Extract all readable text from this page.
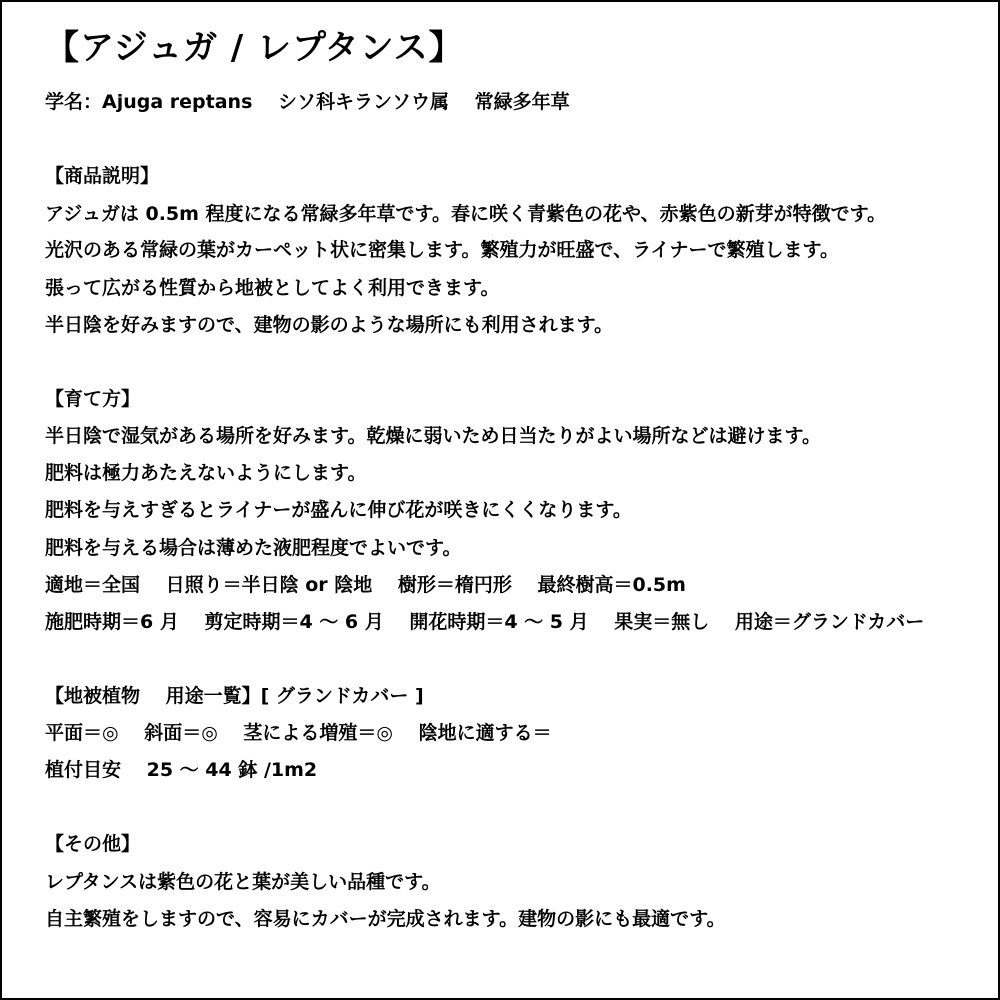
【アジュガ / レプタンス】
学名：Ajuga reptans　 シソ科キランソウ属 　常緑多年草
【商品説明】
アジュガは 0.5m 程度になる常緑多年草です。春に咲く青紫色の花や、赤紫色の新芽が特徴です。
光沢のある常緑の葉がカーペット状に密集します。繁殖力が旺盛で、ライナーで繁殖します。
張って広がる性質から地被としてよく利用できます。
半日陰を好みますので、建物の影のような場所にも利用されます。
【育て方】
半日陰で湿気がある場所を好みます。乾燥に弱いため日当たりがよい場所などは避けます。
肥料は極力あたえないようにします。
肥料を与えすぎるとライナーが盛んに伸び花が咲きにくくなります。
肥料を与える場合は薄めた液肥程度でよいです。
適地＝全国 　日照り＝半日陰 or 陰地 　樹形＝楕円形 　最終樹高＝0.5m
施肥時期＝6 月 　剪定時期＝4 ～ 6 月 　開花時期＝4 ～ 5 月 　果実＝無し 　用途＝グランドカバー
【地被植物 　用途一覧】[ グランドカバー ]
平面＝◎ 　斜面＝◎ 　茎による増殖＝◎ 　陰地に適する＝
植付目安 　25 ～ 44 鉢 /1m2
【その他】
レプタンスは紫色の花と葉が美しい品種です。
自主繁殖をしますので、容易にカバーが完成されます。建物の影にも最適です。
